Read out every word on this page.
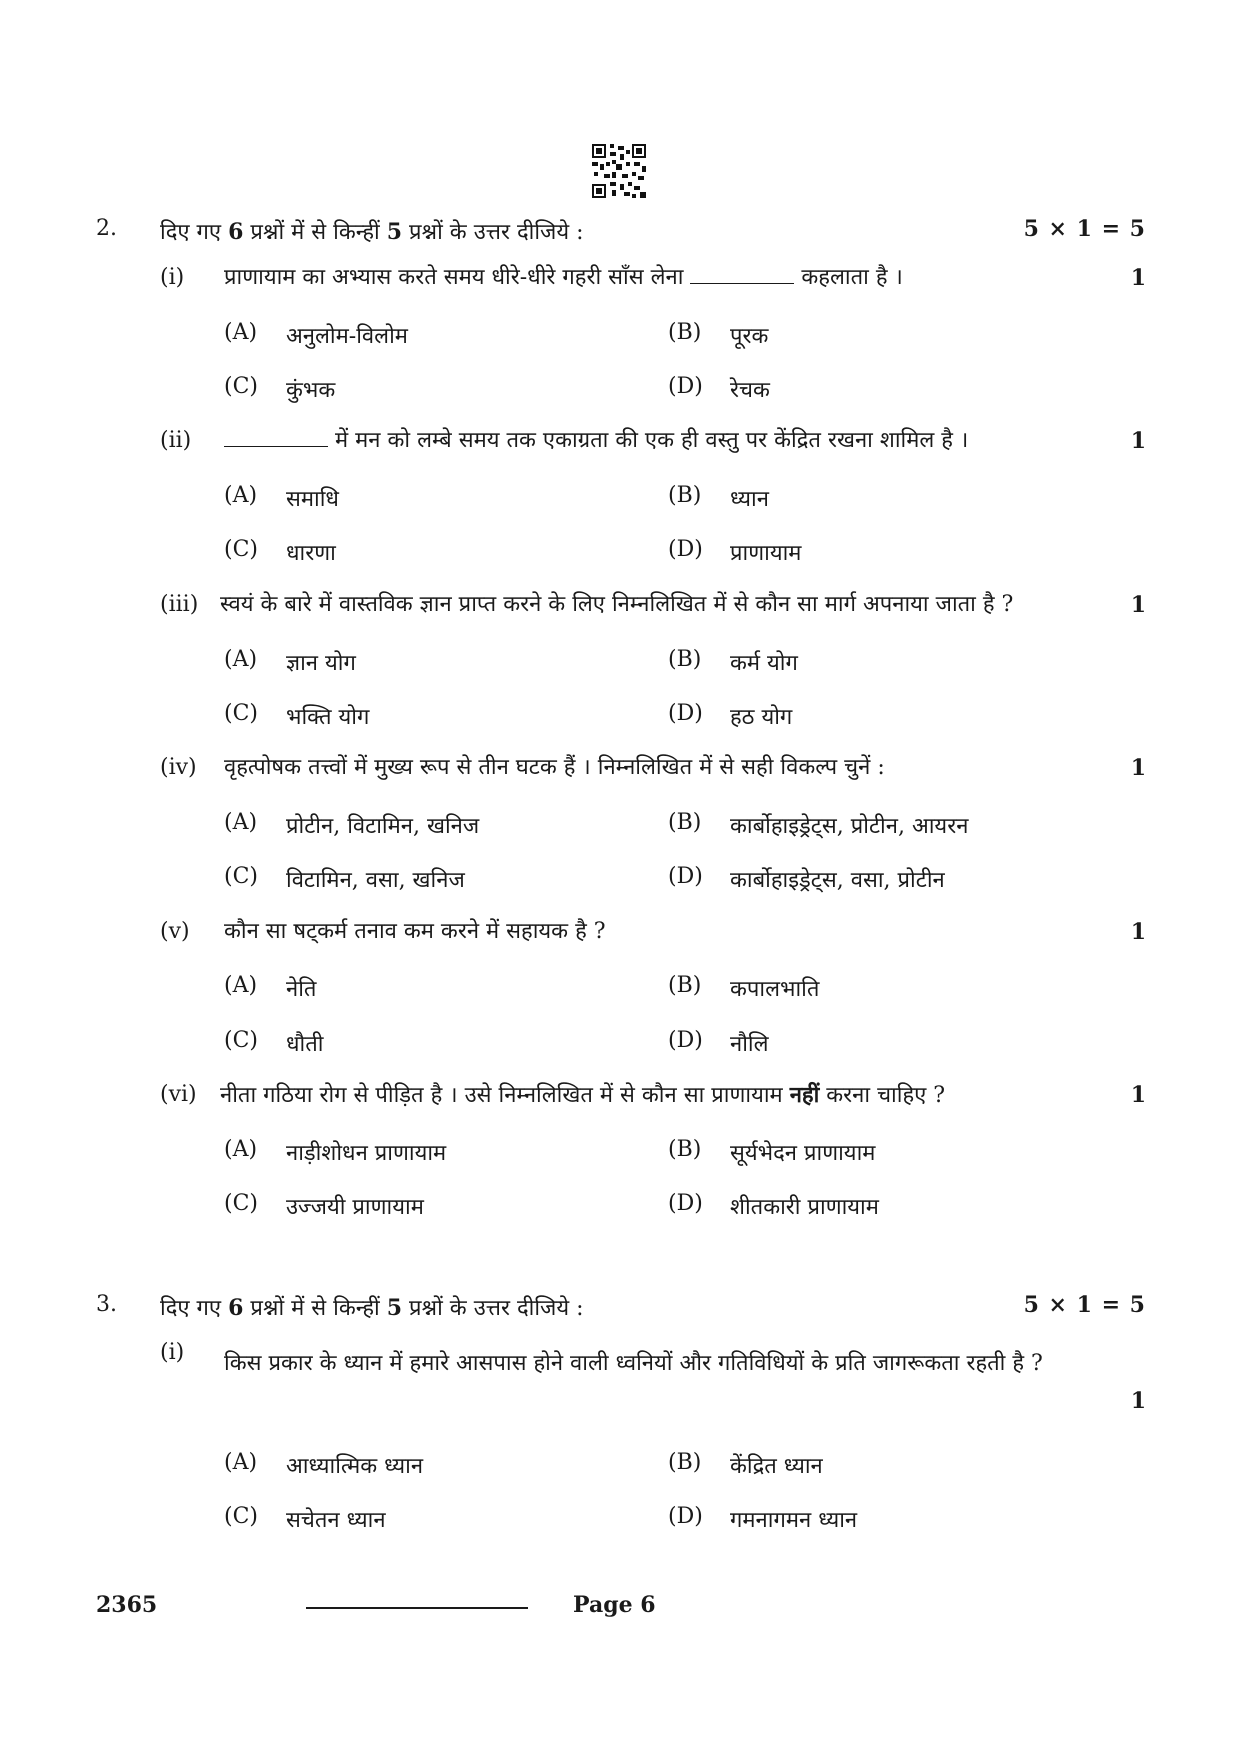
2. दिए गए 6 प्रश्नों में से किन्हीं 5 प्रश्नों के उत्तर दीजिये :	5 × 1 = 5
(i) प्राणायाम का अभ्यास करते समय धीरे-धीरे गहरी साँस लेना	कहलाता है ।	1
(A) अनुलोम-विलोम	(B) पूरक
(C) कुंभक	(D) रेचक
(ii)	में मन को लम्बे समय तक एकाग्रता की एक ही वस्तु पर केंद्रित रखना शामिल है ।	1
(A) समाधि	(B) ध्यान
(C) धारणा	(D) प्राणायाम
(iii) स्वयं के बारे में वास्तविक ज्ञान प्राप्त करने के लिए निम्नलिखित में से कौन सा मार्ग अपनाया जाता है ?	1
(A) ज्ञान योग	(B) कर्म योग
(C) भक्ति योग	(D) हठ योग
(iv) वृहत्पोषक तत्त्वों में मुख्य रूप से तीन घटक हैं । निम्नलिखित में से सही विकल्प चुनें :	1
(A) प्रोटीन, विटामिन, खनिज	(B) कार्बोहाइड्रेट्स, प्रोटीन, आयरन
(C) विटामिन, वसा, खनिज	(D) कार्बोहाइड्रेट्स, वसा, प्रोटीन
(v) कौन सा षट्कर्म तनाव कम करने में सहायक है ?	1
(A) नेति	(B) कपालभाति
(C) धौती	(D) नौलि
(vi) नीता गठिया रोग से पीड़ित है । उसे निम्नलिखित में से कौन सा प्राणायाम नहीं करना चाहिए ?	1
(A) नाड़ीशोधन प्राणायाम	(B) सूर्यभेदन प्राणायाम
(C) उज्जयी प्राणायाम	(D) शीतकारी प्राणायाम
3. दिए गए 6 प्रश्नों में से किन्हीं 5 प्रश्नों के उत्तर दीजिये :	5 × 1 = 5
(i) किस प्रकार के ध्यान में हमारे आसपास होने वाली ध्वनियों और गतिविधियों के प्रति जागरूकता रहती है ?
1
(A) आध्यात्मिक ध्यान	(B) केंद्रित ध्यान
(C) सचेतन ध्यान	(D) गमनागमन ध्यान
2365	Page 6
